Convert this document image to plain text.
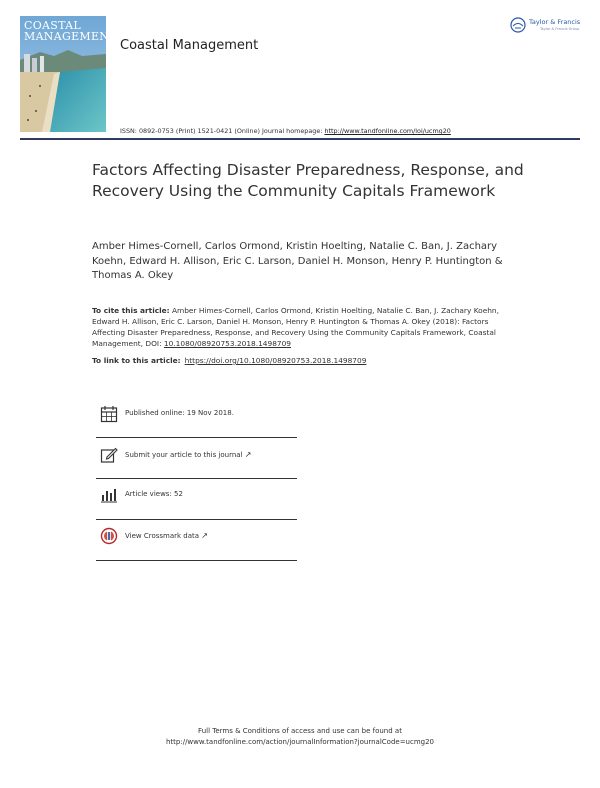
COASTAL
MANAGEMENT
Coastal Management
Taylor & Francis
Taylor & Francis Group
ISSN: 0892-0753 (Print) 1521-0421 (Online) Journal homepage: http://www.tandfonline.com/loi/ucmg20
Factors Affecting Disaster Preparedness, Response, and Recovery Using the Community Capitals Framework
Amber Himes-Cornell, Carlos Ormond, Kristin Hoelting, Natalie C. Ban, J. Zachary Koehn, Edward H. Allison, Eric C. Larson, Daniel H. Monson, Henry P. Huntington & Thomas A. Okey
To cite this article: Amber Himes-Cornell, Carlos Ormond, Kristin Hoelting, Natalie C. Ban, J. Zachary Koehn, Edward H. Allison, Eric C. Larson, Daniel H. Monson, Henry P. Huntington & Thomas A. Okey (2018): Factors Affecting Disaster Preparedness, Response, and Recovery Using the Community Capitals Framework, Coastal Management, DOI: 10.1080/08920753.2018.1498709
To link to this article: https://doi.org/10.1080/08920753.2018.1498709
Published online: 19 Nov 2018.
Submit your article to this journal ↗
Article views: 52
View Crossmark data ↗
Full Terms & Conditions of access and use can be found at
http://www.tandfonline.com/action/journalInformation?journalCode=ucmg20
